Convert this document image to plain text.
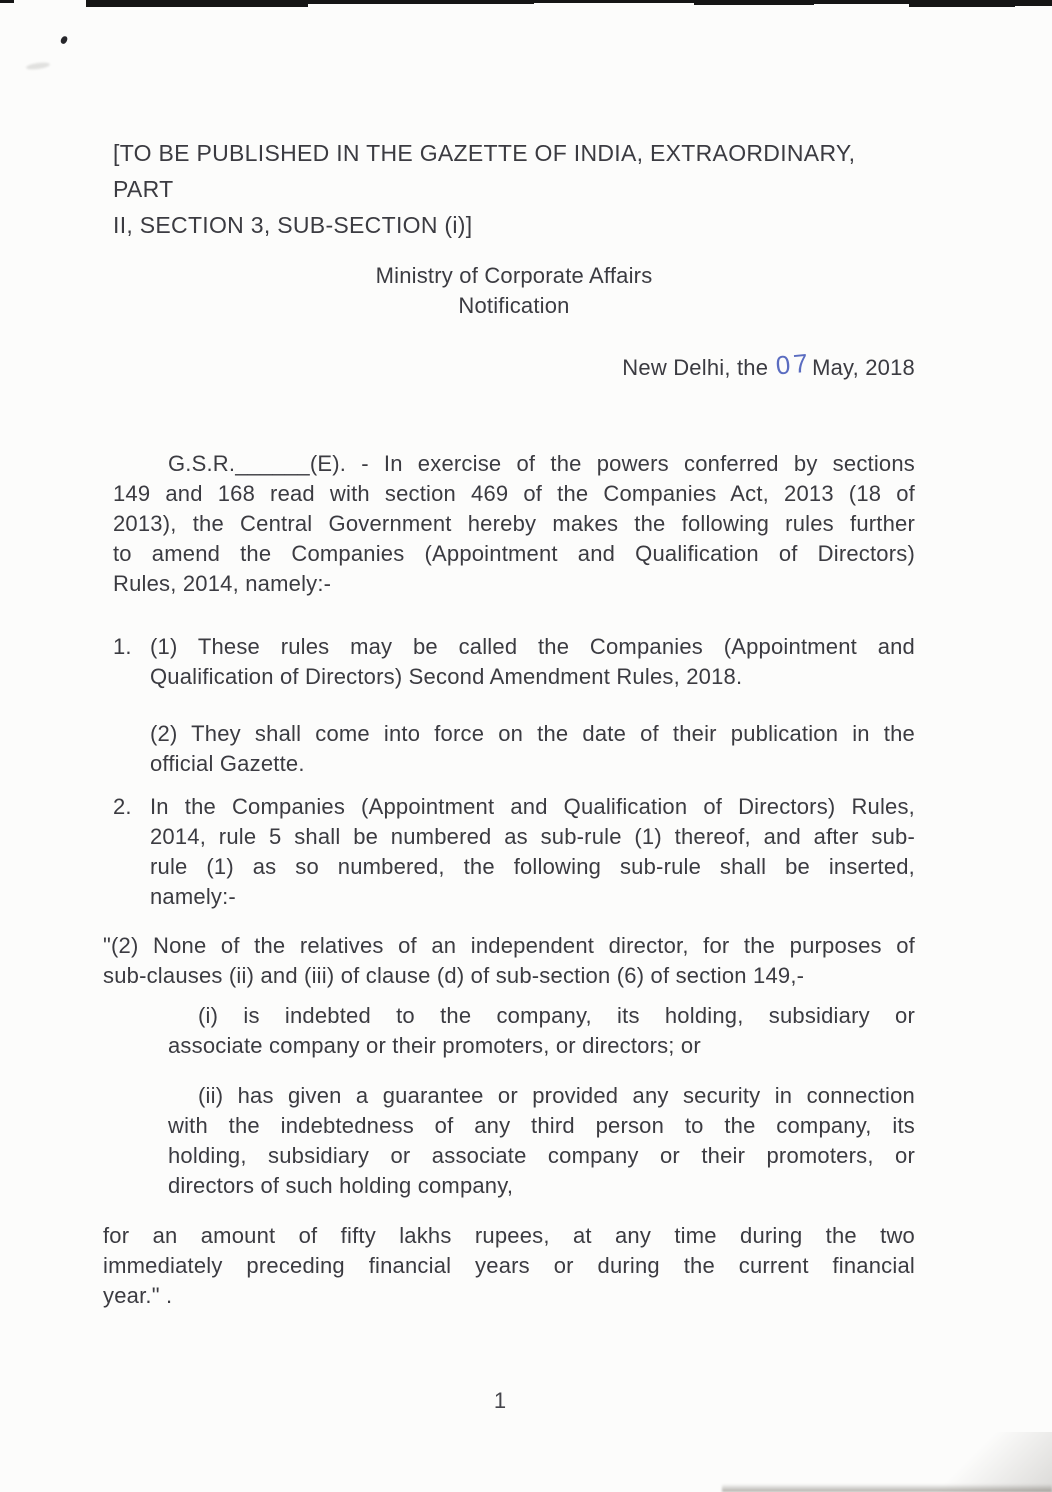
[TO BE PUBLISHED IN THE GAZETTE OF INDIA, EXTRAORDINARY, PART
II, SECTION 3, SUB-SECTION (i)]
Ministry of Corporate Affairs
Notification
New Delhi, the 07May, 2018
G.S.R.______(E). - In exercise of the powers conferred by sections
149 and 168 read with section 469 of the Companies Act, 2013 (18 of
2013), the Central Government hereby makes the following rules further
to amend the Companies (Appointment and Qualification of Directors)
Rules, 2014, namely:-
1. (1) These rules may be called the Companies (Appointment and
Qualification of Directors) Second Amendment Rules, 2018.
(2) They shall come into force on the date of their publication in the
official Gazette.
2. In the Companies (Appointment and Qualification of Directors) Rules,
2014, rule 5 shall be numbered as sub-rule (1) thereof, and after sub-
rule (1) as so numbered, the following sub-rule shall be inserted,
namely:-
"(2) None of the relatives of an independent director, for the purposes of
sub-clauses (ii) and (iii) of clause (d) of sub-section (6) of section 149,-
(i) is indebted to the company, its holding, subsidiary or
associate company or their promoters, or directors; or
(ii) has given a guarantee or provided any security in connection
with the indebtedness of any third person to the company, its
holding, subsidiary or associate company or their promoters, or
directors of such holding company,
for an amount of fifty lakhs rupees, at any time during the two
immediately preceding financial years or during the current financial
year." .
1
